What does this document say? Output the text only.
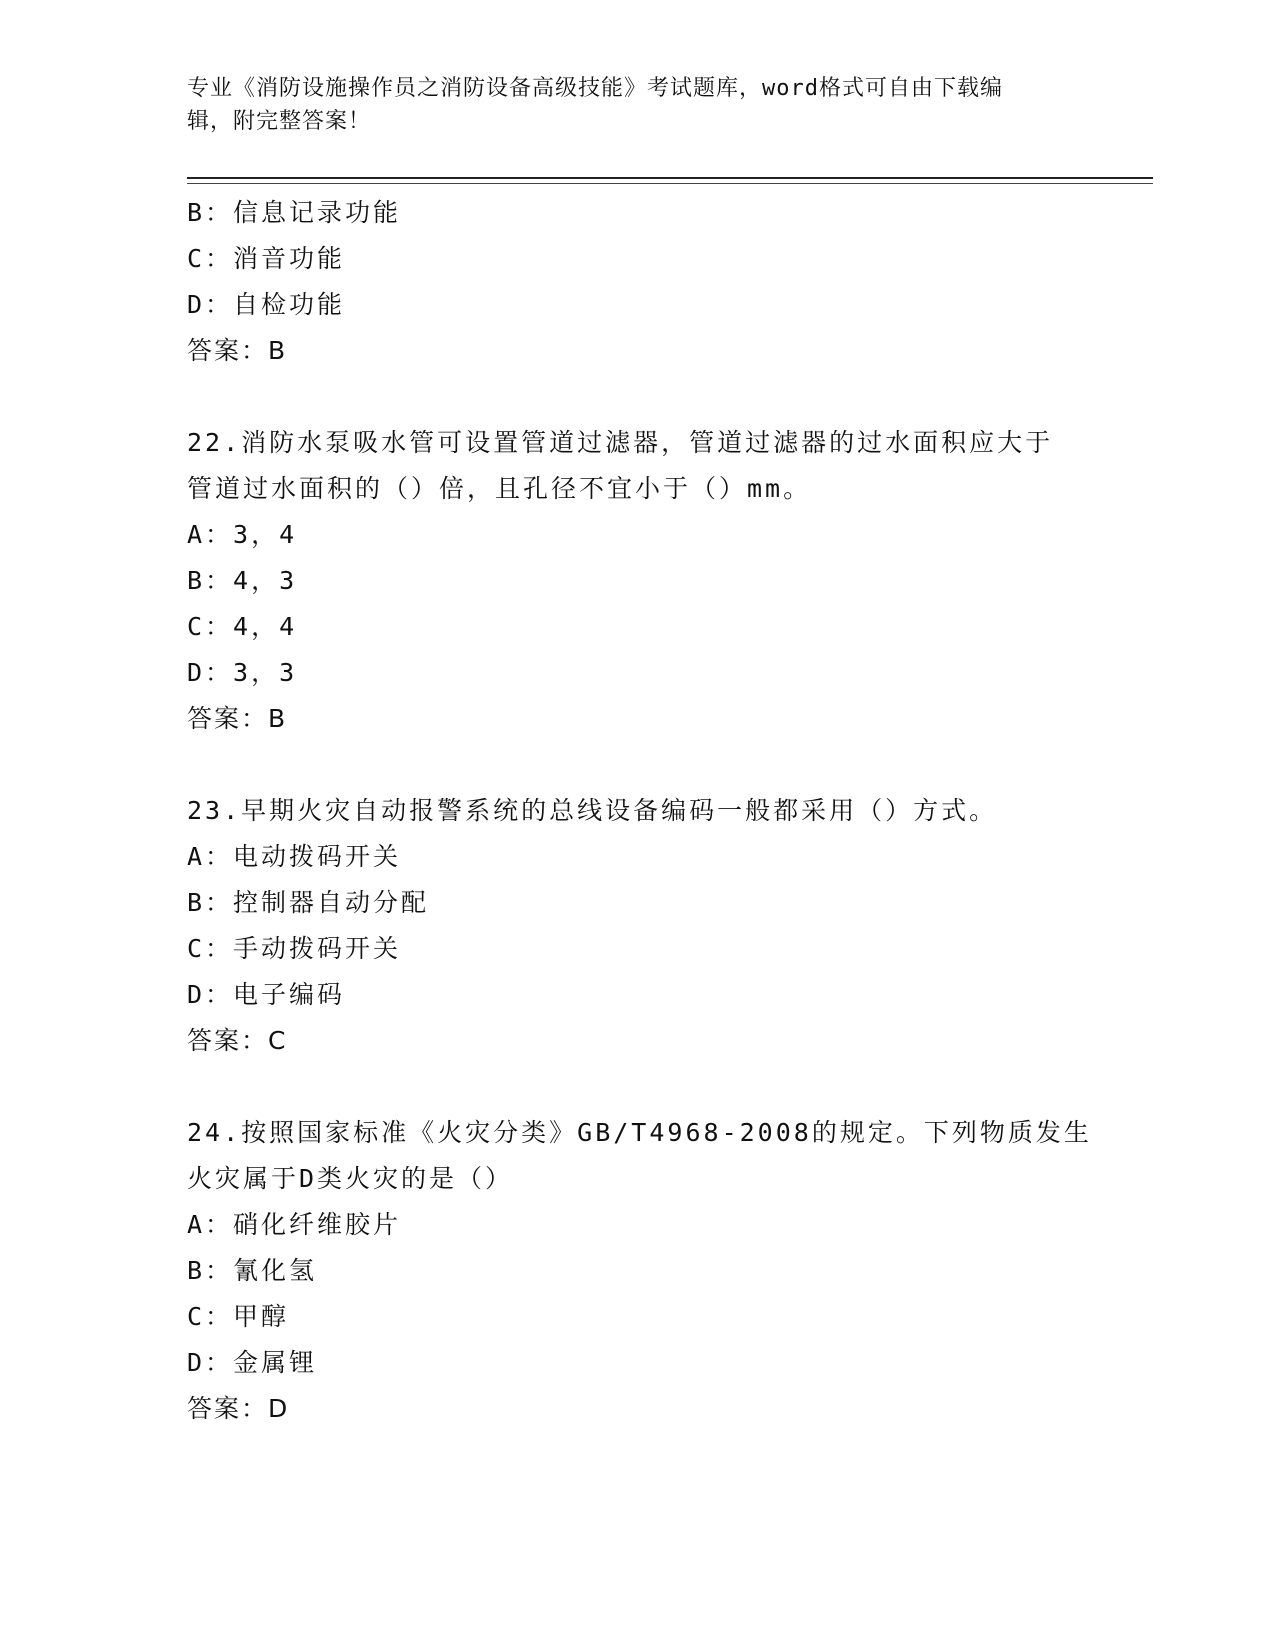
专业《消防设施操作员之消防设备高级技能》考试题库，word格式可自由下载编
辑，附完整答案！
B：信息记录功能
C：消音功能
D：自检功能
答案：B
22.消防水泵吸水管可设置管道过滤器，管道过滤器的过水面积应大于
管道过水面积的（）倍，且孔径不宜小于（）mm。
A：3，4
B：4，3
C：4，4
D：3，3
答案：B
23.早期火灾自动报警系统的总线设备编码一般都采用（）方式。
A：电动拨码开关
B：控制器自动分配
C：手动拨码开关
D：电子编码
答案：C
24.按照国家标准《火灾分类》GB/T4968-2008的规定。下列物质发生
火灾属于D类火灾的是（）
A：硝化纤维胶片
B：氰化氢
C：甲醇
D：金属锂
答案：D
